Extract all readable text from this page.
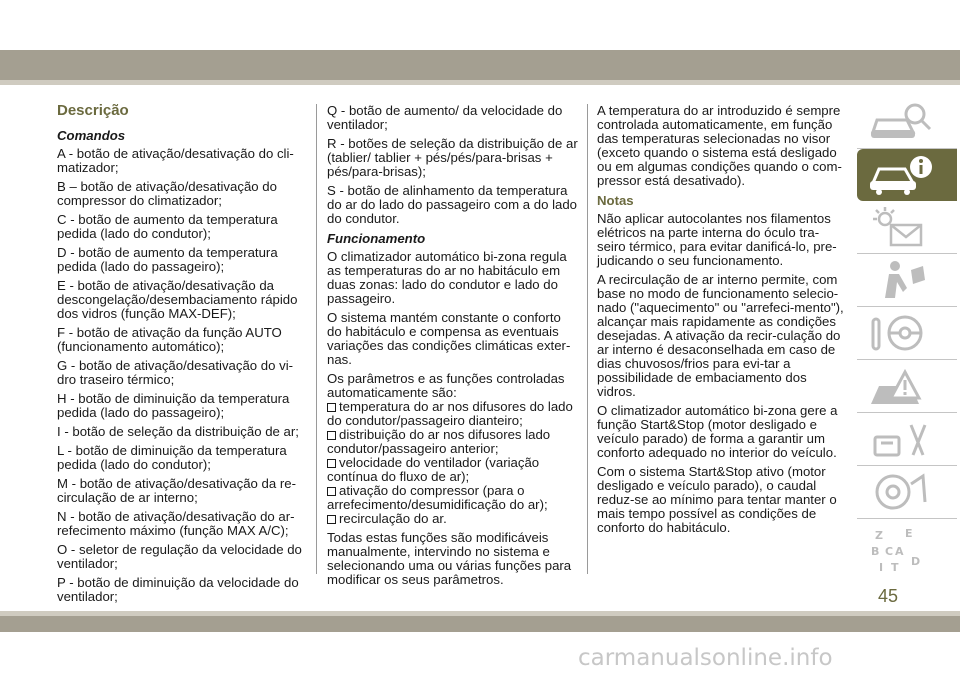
Descrição
Comandos

A - botão de ativação/desativação do cli-matizador;

B – botão de ativação/desativação do compressor do climatizador;

C - botão de aumento da temperatura pedida (lado do condutor);

D - botão de aumento da temperatura pedida (lado do passageiro);

E - botão de ativação/desativação da descongelação/desembaciamento rápido dos vidros (função MAX-DEF);

F - botão de ativação da função AUTO (funcionamento automático);

G - botão de ativação/desativação do vi-dro traseiro térmico;

H - botão de diminuição da temperatura pedida (lado do passageiro);

I - botão de seleção da distribuição de ar;

L - botão de diminuição da temperatura pedida (lado do condutor);

M - botão de ativação/desativação da re-circulação de ar interno;

N - botão de ativação/desativação do ar-refecimento máximo (função MAX A/C);

O - seletor de regulação da velocidade do ventilador;

P - botão de diminuição da velocidade do ventilador;

Q - botão de aumento/ da velocidade do ventilador;

R - botões de seleção da distribuição de ar (tablier/ tablier + pés/pés/para-brisas + pés/para-brisas);

S - botão de alinhamento da temperatura do ar do lado do passageiro com a do lado do condutor.

Funcionamento

O climatizador automático bi-zona regula as temperaturas do ar no habitáculo em duas zonas: lado do condutor e lado do passageiro.

O sistema mantém constante o conforto do habitáculo e compensa as eventuais variações das condições climáticas exter-nas.

Os parâmetros e as funções controladas automaticamente são:

temperatura do ar nos difusores do lado do condutor/passageiro dianteiro;
distribuição do ar nos difusores lado condutor/passageiro anterior;
velocidade do ventilador (variação contínua do fluxo de ar);
ativação do compressor (para o arrefecimento/desumidificação do ar);
recirculação do ar.

Todas estas funções são modificáveis manualmente, intervindo no sistema e selecionando uma ou várias funções para modificar os seus parâmetros.

A temperatura do ar introduzido é sempre controlada automaticamente, em função das temperaturas selecionadas no visor (exceto quando o sistema está desligado ou em algumas condições quando o com-pressor está desativado).

Notas

Não aplicar autocolantes nos filamentos elétricos na parte interna do óculo tra-seiro térmico, para evitar danificá-lo, pre-judicando o seu funcionamento.

A recirculação de ar interno permite, com base no modo de funcionamento selecio-nado ("aquecimento" ou "arrefeci-mento"), alcançar mais rapidamente as condições desejadas. A ativação da recir-culação do ar interno é desaconselhada em caso de dias chuvosos/frios para evi-tar a possibilidade de embaciamento dos vidros.

O climatizador automático bi-zona gere a função Start&Stop (motor desligado e veículo parado) de forma a garantir um conforto adequado no interior do veículo.

Com o sistema Start&Stop ativo (motor desligado e veículo parado), o caudal reduz-se ao mínimo para tentar manter o mais tempo possível as condições de conforto do habitáculo.

Z E
B C A
I T D
45
carmanualsonline.info
